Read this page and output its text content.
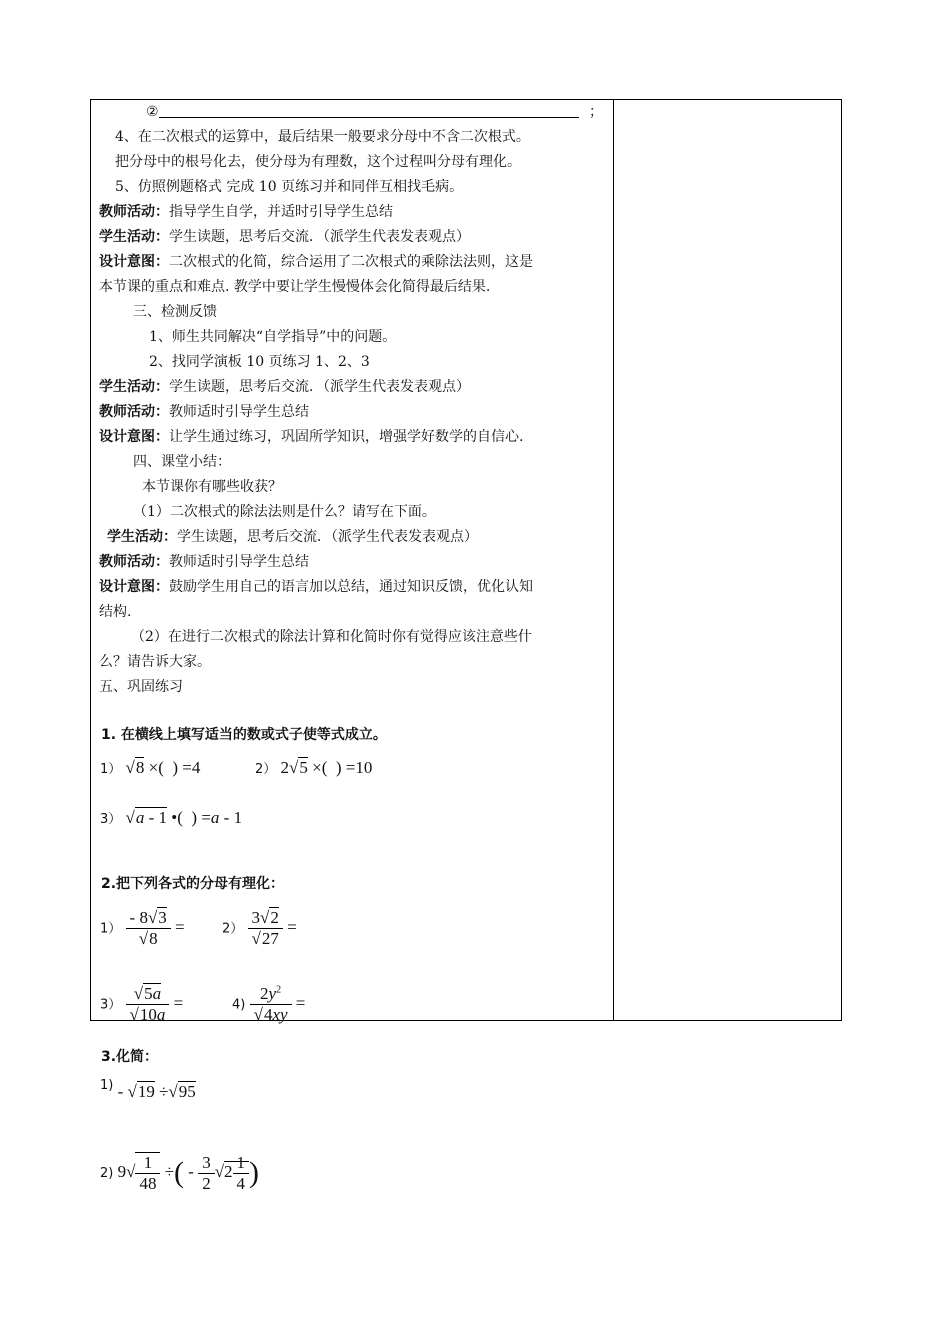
②	；
4、在二次根式的运算中，最后结果一般要求分母中不含二次根式。
把分母中的根号化去，使分母为有理数，这个过程叫分母有理化。
5、仿照例题格式 完成 10 页练习并和同伴互相找毛病。
教师活动：指导学生自学，并适时引导学生总结
学生活动：学生读题，思考后交流．（派学生代表发表观点）
设计意图：二次根式的化简，综合运用了二次根式的乘除法法则，这是
本节课的重点和难点. 教学中要让学生慢慢体会化简得最后结果.
三、检测反馈
1、师生共同解决“自学指导”中的问题。
2、找同学演板 10 页练习 1、2、3
学生活动：学生读题，思考后交流．（派学生代表发表观点）
教师活动：教师适时引导学生总结
设计意图：让学生通过练习，巩固所学知识，增强学好数学的自信心.
四、课堂小结：
本节课你有哪些收获？
（1）二次根式的除法法则是什么？请写在下面。
学生活动：学生读题，思考后交流．（派学生代表发表观点）
教师活动：教师适时引导学生总结
设计意图：鼓励学生用自己的语言加以总结，通过知识反馈，优化认知
结构.
（2）在进行二次根式的除法计算和化简时你有觉得应该注意些什
么？请告诉大家。
五、巩固练习
1. 在横线上填写适当的数或式子使等式成立。
1） √8 ×(  ) =4	2） 2√5 ×(  ) =10
3） √a - 1 •(  ) =a - 1
2.把下列各式的分母有理化：
$1) \frac{- 8√3}{√8}$ =	$2) \frac{3√2}{√27}$ =
$3) \frac{√5a}{√10a}$ =	$4) \frac{2y^2}{√4xy}$ =
3.化简：
$^{1)}$ - √19 ÷√95
2) $9√ \frac{1}{48}$ ÷( - $\frac{3}{2} √2 \frac{1}{4}$ )
